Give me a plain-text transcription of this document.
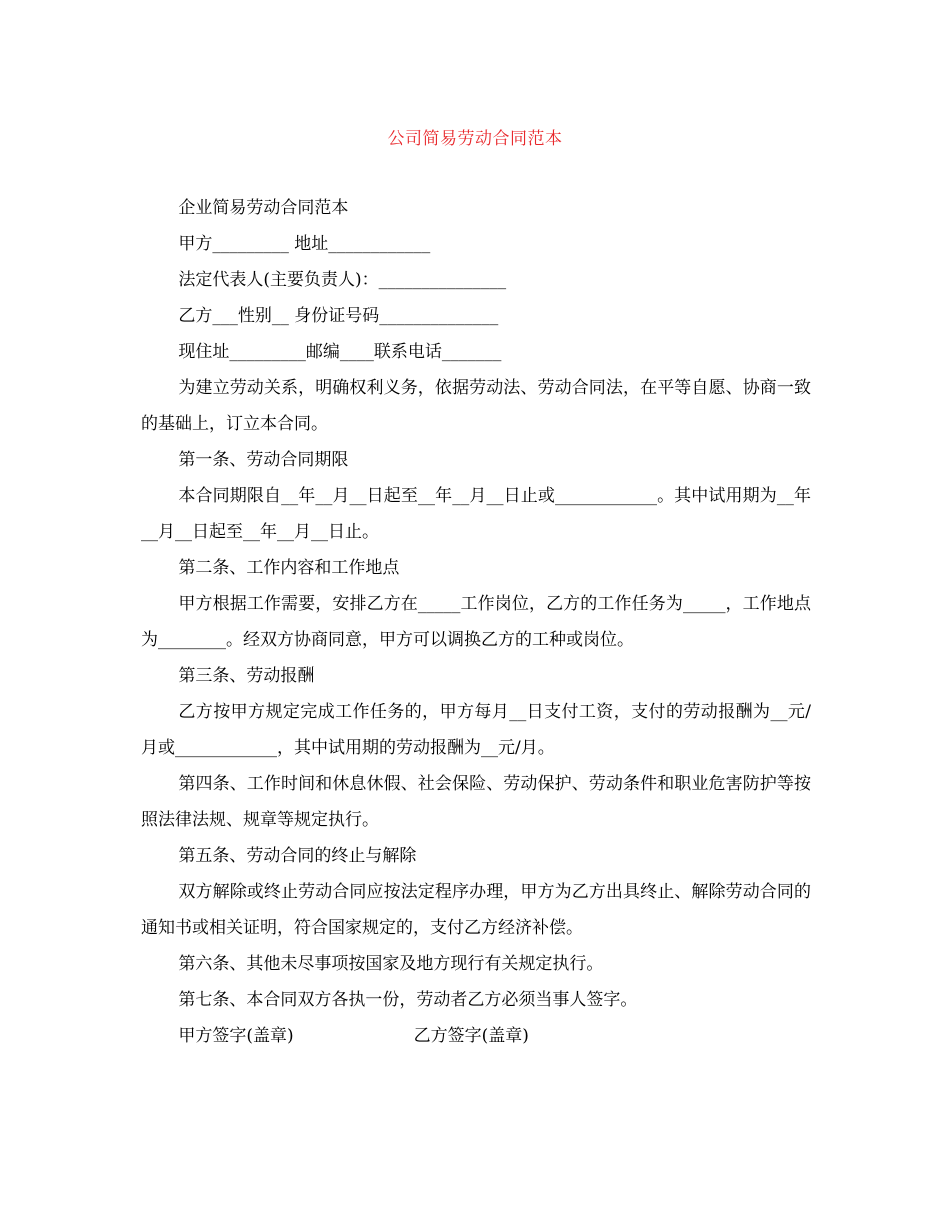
公司简易劳动合同范本

企业简易劳动合同范本

甲方_________ 地址____________

法定代表人(主要负责人)：_______________

乙方___性别__ 身份证号码______________

现住址_________邮编____联系电话_______

为建立劳动关系，明确权利义务，依据劳动法、劳动合同法，在平等自愿、协商一致的基础上，订立本合同。

第一条、劳动合同期限

本合同期限自__年__月__日起至__年__月__日止或____________。其中试用期为__年__月__日起至__年__月__日止。

第二条、工作内容和工作地点

甲方根据工作需要，安排乙方在_____工作岗位，乙方的工作任务为_____，工作地点为________。经双方协商同意，甲方可以调换乙方的工种或岗位。

第三条、劳动报酬

乙方按甲方规定完成工作任务的，甲方每月__日支付工资，支付的劳动报酬为__元/月或____________，其中试用期的劳动报酬为__元/月。

第四条、工作时间和休息休假、社会保险、劳动保护、劳动条件和职业危害防护等按照法律法规、规章等规定执行。

第五条、劳动合同的终止与解除

双方解除或终止劳动合同应按法定程序办理，甲方为乙方出具终止、解除劳动合同的通知书或相关证明，符合国家规定的，支付乙方经济补偿。

第六条、其他未尽事项按国家及地方现行有关规定执行。

第七条、本合同双方各执一份，劳动者乙方必须当事人签字。

甲方签字(盖章)	乙方签字(盖章)
